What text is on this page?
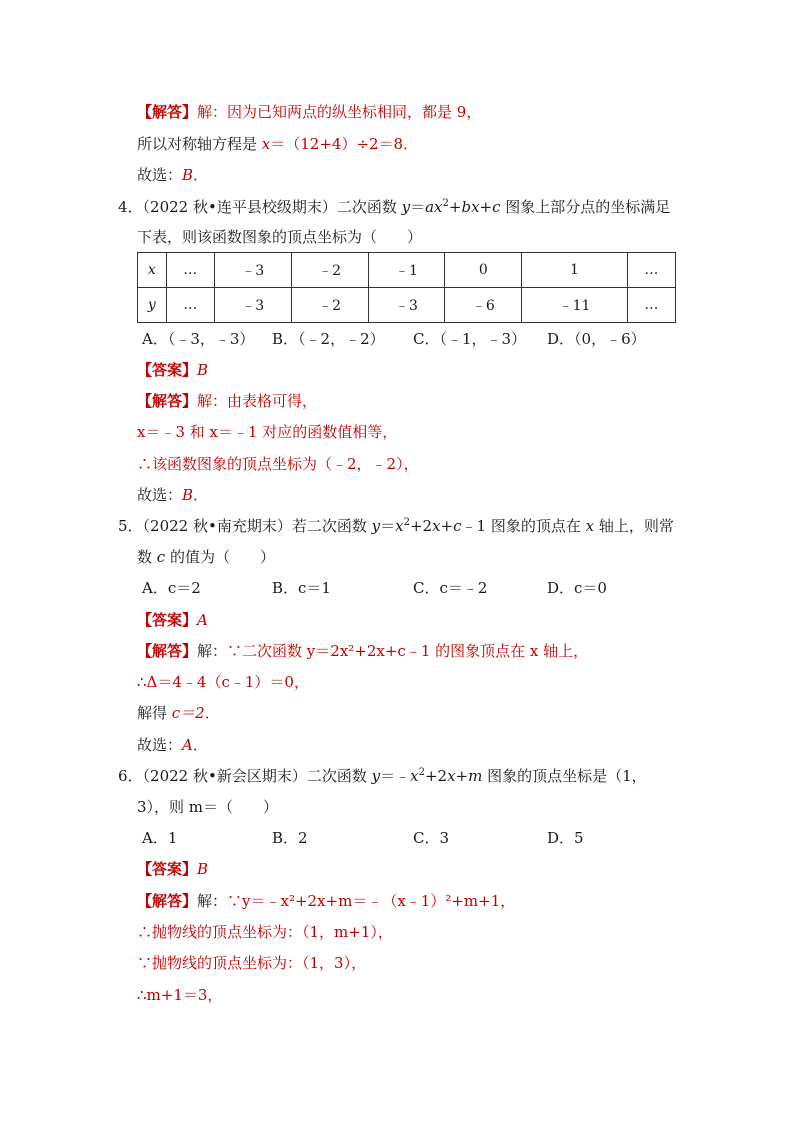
【解答】解：因为已知两点的纵坐标相同，都是 9，
所以对称轴方程是 x＝（12+4）÷2＝8．
故选：B．
4．（2022 秋•连平县校级期末）二次函数 $y=ax^2+bx+c$ 图象上部分点的坐标满足
下表，则该函数图象的顶点坐标为（　　）
x	…	﹣3	﹣2	﹣1	0	1	…
y	…	﹣3	﹣2	﹣3	﹣6	﹣11	…
A．（﹣3，﹣3） B．（﹣2，﹣2） C．（﹣1，﹣3） D．（0，﹣6）
【答案】B
【解答】解：由表格可得，
x＝﹣3 和 x＝﹣1 对应的函数值相等，
∴该函数图象的顶点坐标为（﹣2，﹣2），
故选：B．
5．（2022 秋•南充期末）若二次函数 $y=x^2+2x+c﹣1$ 图象的顶点在 x 轴上，则常
数 c 的值为（　　）
A．c＝2	B．c＝1	C．c＝﹣2	D．c＝0
【答案】A
【解答】解：∵二次函数 y＝2x²+2x+c﹣1 的图象顶点在 x 轴上，
∴Δ＝4﹣4（c﹣1）＝0，
解得 c＝2．
故选：A．
6．（2022 秋•新会区期末）二次函数 $y=﹣x^2+2x+m$ 图象的顶点坐标是（1，
3），则 m＝（　　）
A．1	B．2	C．3	D．5
【答案】B
【解答】解：∵y＝﹣x²+2x+m＝﹣（x﹣1）²+m+1，
∴抛物线的顶点坐标为：（1，m+1），
∵抛物线的顶点坐标为：（1，3），
∴m+1＝3，
